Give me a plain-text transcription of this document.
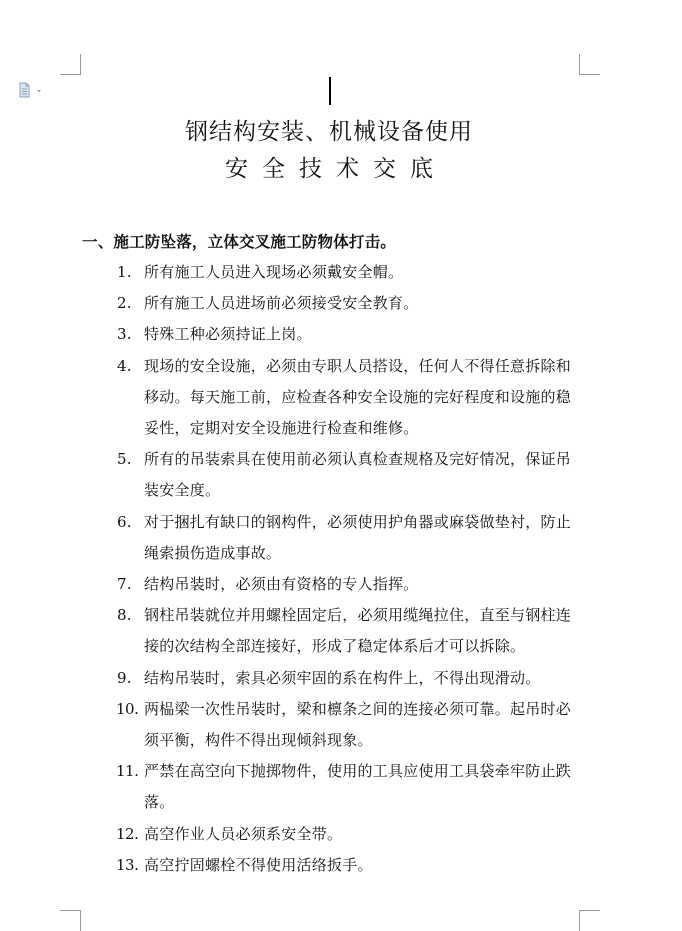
钢结构安装、机械设备使用
安全技术交底
一、施工防坠落，立体交叉施工防物体打击。
1. 所有施工人员进入现场必须戴安全帽。
2. 所有施工人员进场前必须接受安全教育。
3. 特殊工种必须持证上岗。
4. 现场的安全设施，必须由专职人员搭设，任何人不得任意拆除和移动。每天施工前，应检查各种安全设施的完好程度和设施的稳妥性，定期对安全设施进行检查和维修。
5. 所有的吊装索具在使用前必须认真检查规格及完好情况，保证吊装安全度。
6. 对于捆扎有缺口的钢构件，必须使用护角器或麻袋做垫衬，防止绳索损伤造成事故。
7. 结构吊装时，必须由有资格的专人指挥。
8. 钢柱吊装就位并用螺栓固定后，必须用缆绳拉住，直至与钢柱连接的次结构全部连接好，形成了稳定体系后才可以拆除。
9. 结构吊装时，索具必须牢固的系在构件上，不得出现滑动。
10. 两榀梁一次性吊装时，梁和檩条之间的连接必须可靠。起吊时必须平衡，构件不得出现倾斜现象。
11. 严禁在高空向下抛掷物件，使用的工具应使用工具袋牵牢防止跌落。
12. 高空作业人员必须系安全带。
13. 高空拧固螺栓不得使用活络扳手。
